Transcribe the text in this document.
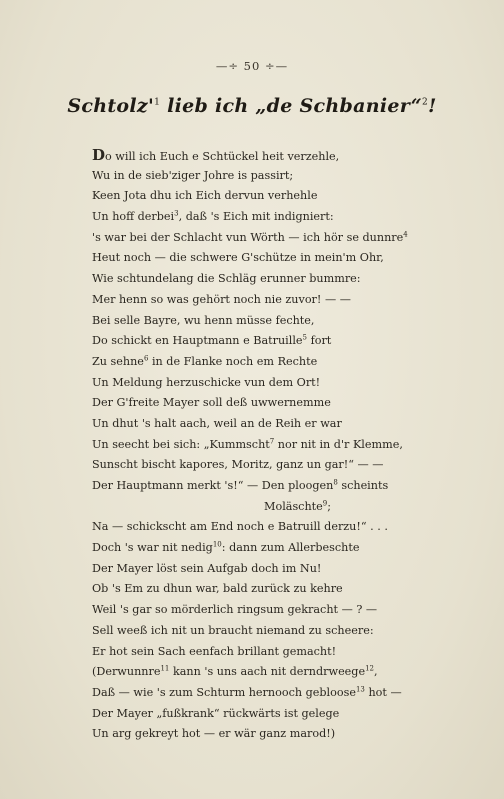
—÷ 50 ÷—
$Schtolz'^1$ lieb ich „de Schbanier“$^2$!
Do will ich Euch e Schtückel heit verzehle,
Wu in de sieb'ziger Johre is passirt;
Keen Jota dhu ich Eich dervun verhehle
Un hoff derbei$^3$, daß 's Eich mit indigniert:
's war bei der Schlacht vun Wörth — ich hör se dunnre$^4$
Heut noch — die schwere G'schütze in mein'm Ohr,
Wie schtundelang die Schläg erunner bummre:
Mer henn so was gehört noch nie zuvor! — —
Bei selle Bayre, wu henn müsse fechte,
Do schickt en Hauptmann e Batruille$^5$ fort
Zu sehne$^6$ in de Flanke noch em Rechte
Un Meldung herzuschicke vun dem Ort!
Der G'freite Mayer soll deß uwwernemme
Un dhut 's halt aach, weil an de Reih er war
Un seecht bei sich: „Kummscht$^7$ nor nit in d'r Klemme,
Sunscht bischt kapores, Moritz, ganz un gar!“ — —
Der Hauptmann merkt 's!“ — Den ploogen$^8$ scheints
Moläschte$^9$;
Na — schickscht am End noch e Batruill derzu!“ . . .
Doch 's war nit nedig$^{10}$: dann zum Allerbeschte
Der Mayer löst sein Aufgab doch im Nu!
Ob 's Em zu dhun war, bald zurück zu kehre
Weil 's gar so mörderlich ringsum gekracht — ? —
Sell weeß ich nit un braucht niemand zu scheere:
Er hot sein Sach eenfach brillant gemacht!
(Derwunnre$^{11}$ kann 's uns aach nit derndrweege$^{12}$,
Daß — wie 's zum Schturm hernooch gebloose$^{13}$ hot —
Der Mayer „fußkrank“ rückwärts ist gelege
Un arg gekreyt hot — er wär ganz marod!)
